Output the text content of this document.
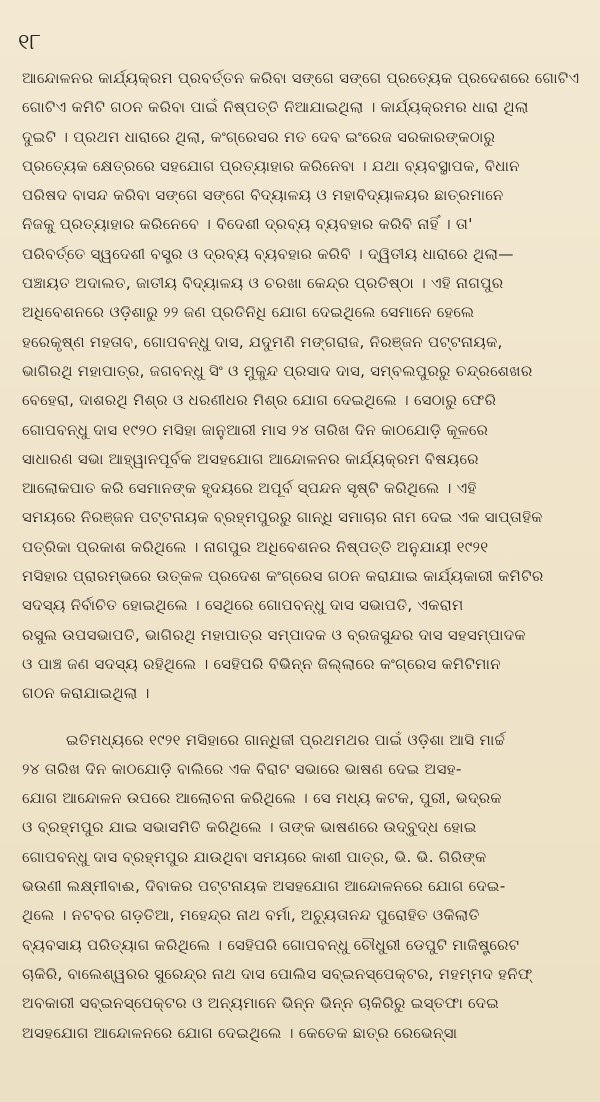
୧୮
ଆନ୍ଦୋଳନର କାର୍ଯ୍ୟକ୍ରମ ପ୍ରବର୍ତ୍ତନ କରିବା ସଙ୍ଗେ ସଙ୍ଗେ ପ୍ରତ୍ୟେକ ପ୍ରଦେଶରେ ଗୋଟିଏ
ଗୋଟିଏ କମିଟି ଗଠନ କରିବା ପାଇଁ ନିଷ୍ପତ୍ତି ନିଆଯାଇଥିଲା । କାର୍ଯ୍ୟକ୍ରମର ଧାରା ଥିଲା
ଦୁଇଟି । ପ୍ରଥମ ଧାରାରେ ଥିଲା, କଂଗ୍ରେସର ମତ ଦେବ ଇଂରେଜ ସରକାରଙ୍କଠାରୁ
ପ୍ରତ୍ୟେକ କ୍ଷେତ୍ରରେ ସହଯୋଗ ପ୍ରତ୍ୟାହାର କରିନେବା । ଯଥା ବ୍ୟବସ୍ଥାପକ, ବିଧାନ
ପରିଷଦ ବାସନ୍ଦ କରିବା ସଙ୍ଗେ ସଙ୍ଗେ ବିଦ୍ୟାଳୟ ଓ ମହାବିଦ୍ୟାଳୟର ଛାତ୍ରମାନେ
ନିଜକୁ ପ୍ରତ୍ୟାହାର କରିନେବେ । ବିଦେଶୀ ଦ୍ରବ୍ୟ ବ୍ୟବହାର କରିବି ନାହିଁ । ତା'
ପରିବର୍ତ୍ତେ ସ୍ୱଦେଶୀ ବସ୍ତ୍ର ଓ ଦ୍ରବ୍ୟ ବ୍ୟବହାର କରିବି । ଦ୍ୱିତୀୟ ଧାରାରେ ଥିଲା—
ପଞ୍ଚାୟତ ଅଦାଲତ, ଜାତୀୟ ବିଦ୍ୟାଳୟ ଓ ଚରଖା କେନ୍ଦ୍ର ପ୍ରତିଷ୍ଠା । ଏହି ନାଗପୁର
ଅଧିବେଶନରେ ଓଡ଼ିଶାରୁ ୨୨ ଜଣ ପ୍ରତିନିଧି ଯୋଗ ଦେଇଥିଲେ ସେମାନେ ହେଲେ
ହରେକୃଷ୍ଣ ମହତାବ, ଗୋପବନ୍ଧୁ ଦାସ, ଯଦୁମଣି ମଙ୍ଗରାଜ, ନିରଞ୍ଜନ ପଟ୍ଟନାୟକ,
ଭାଗିରଥି ମହାପାତ୍ର, ଜଗବନ୍ଧୁ ସିଂ ଓ ମୁକୁନ୍ଦ ପ୍ରସାଦ ଦାସ, ସମ୍ବଲପୁରରୁ ଚନ୍ଦ୍ରଶେଖର
ବେହେରା, ଦାଶରଥି ମିଶ୍ର ଓ ଧରଣୀଧର ମିଶ୍ର ଯୋଗ ଦେଇଥିଲେ । ସେଠାରୁ ଫେରି
ଗୋପବନ୍ଧୁ ଦାସ ୧୯୨୦ ମସିହା ଜାନୁଆରୀ ମାସ ୨୪ ତାରିଖ ଦିନ କାଠଯୋଡ଼ି କୂଳରେ
ସାଧାରଣ ସଭା ଆହ୍ୱାନପୂର୍ବକ ଅସହଯୋଗ ଆନ୍ଦୋଳନର କାର୍ଯ୍ୟକ୍ରମ ବିଷୟରେ
ଆଲୋକପାତ କରି ସେମାନଙ୍କ ହୃଦୟରେ ଅପୂର୍ବ ସ୍ପନ୍ଦନ ସୃଷ୍ଟି କରିଥିଲେ । ଏହି
ସମୟରେ ନିରଞ୍ଜନ ପଟ୍ଟନାୟକ ବ୍ରହ୍ମପୁରରୁ ଗାନ୍ଧି ସମାଚାର ନାମ ଦେଇ ଏକ ସାପ୍ତାହିକ
ପତ୍ରିକା ପ୍ରକାଶ କରିଥିଲେ । ନାଗପୁର ଅଧିବେଶନର ନିଷ୍ପତ୍ତି ଅନୁଯାୟୀ ୧୯୨୧
ମସିହାର ପ୍ରାରମ୍ଭରେ ଉତ୍କଳ ପ୍ରଦେଶ କଂଗ୍ରେସ ଗଠନ କରାଯାଇ କାର୍ଯ୍ୟକାରୀ କମିଟିର
ସଦସ୍ୟ ନିର୍ବାଚିତ ହୋଇଥିଲେ । ସେଥିରେ ଗୋପବନ୍ଧୁ ଦାସ ସଭାପତି, ଏକରାମ
ରସୁଲ ଉପସଭାପତି, ଭାଗିରଥି ମହାପାତ୍ର ସମ୍ପାଦକ ଓ ବ୍ରଜସୁନ୍ଦର ଦାସ ସହସମ୍ପାଦକ
ଓ ପାଞ୍ଚ ଜଣ ସଦସ୍ୟ ରହିଥିଲେ । ସେହିପରି ବିଭିନ୍ନ ଜିଲ୍ଲାରେ କଂଗ୍ରେସ କମିଟିମାନ
ଗଠନ କରାଯାଇଥିଲା ।
ଇତିମଧ୍ୟରେ ୧୯୨୧ ମସିହାରେ ଗାନ୍ଧିଜୀ ପ୍ରଥମଥର ପାଇଁ ଓଡ଼ିଶା ଆସି ମାର୍ଚ୍ଚ
୨୪ ତାରିଖ ଦିନ କାଠଯୋଡ଼ି ବାଲିରେ ଏକ ବିରାଟ ସଭାରେ ଭାଷଣ ଦେଇ ଅସହ-
ଯୋଗ ଆନ୍ଦୋଳନ ଉପରେ ଆଲୋଚନା କରିଥିଲେ । ସେ ମଧ୍ୟ କଟକ, ପୁରୀ, ଭଦ୍ରକ
ଓ ବ୍ରହ୍ମପୁର ଯାଇ ସଭାସମିତି କରିଥିଲେ । ତାଙ୍କ ଭାଷଣରେ ଉଦ୍‌ବୁଦ୍ଧ ହୋଇ
ଗୋପବନ୍ଧୁ ଦାସ ବ୍ରହ୍ମପୁର ଯାଉଥିବା ସମୟରେ କାଶୀ ପାତ୍ର, ଭି. ଭି. ଗିରିଙ୍କ
ଭଉଣୀ ଲକ୍ଷ୍ମୀବାଈ, ଦିବାକର ପଟ୍ଟନାୟକ ଅସହଯୋଗ ଆନ୍ଦୋଳନରେ ଯୋଗ ଦେଇ-
ଥିଲେ । ନଟବର ଗଡ଼ତିଆ, ମହେନ୍ଦ୍ର ନାଥ ବର୍ମା, ଅଚ୍ୟୁତାନନ୍ଦ ପୁରୋହିତ ଓକିଲାତି
ବ୍ୟବସାୟ ପରିତ୍ୟାଗ କରିଥିଲେ । ସେହିପରି ଗୋପବନ୍ଧୁ ଚୌଧୁରୀ ଡେପୁଟି ମାଜିଷ୍ଟ୍ରେଟ
ଚାକିରି, ବାଲେଶ୍ୱରର ସୁରେନ୍ଦ୍ର ନାଥ ଦାସ ପୋଲିସ ସବ୍‌ଇନସ୍ପେକ୍ଟର, ମହମ୍ମଦ ହନିଫ୍
ଅବକାରୀ ସବ୍‌ଇନସ୍ପେକ୍ଟର ଓ ଅନ୍ୟମାନେ ଭିନ୍ନ ଭିନ୍ନ ଚାକିରିରୁ ଇସ୍ତଫା ଦେଇ
ଅସହଯୋଗ ଆନ୍ଦୋଳନରେ ଯୋଗ ଦେଇଥିଲେ । କେତେକ ଛାତ୍ର ରେଭେନ୍‌ସା
